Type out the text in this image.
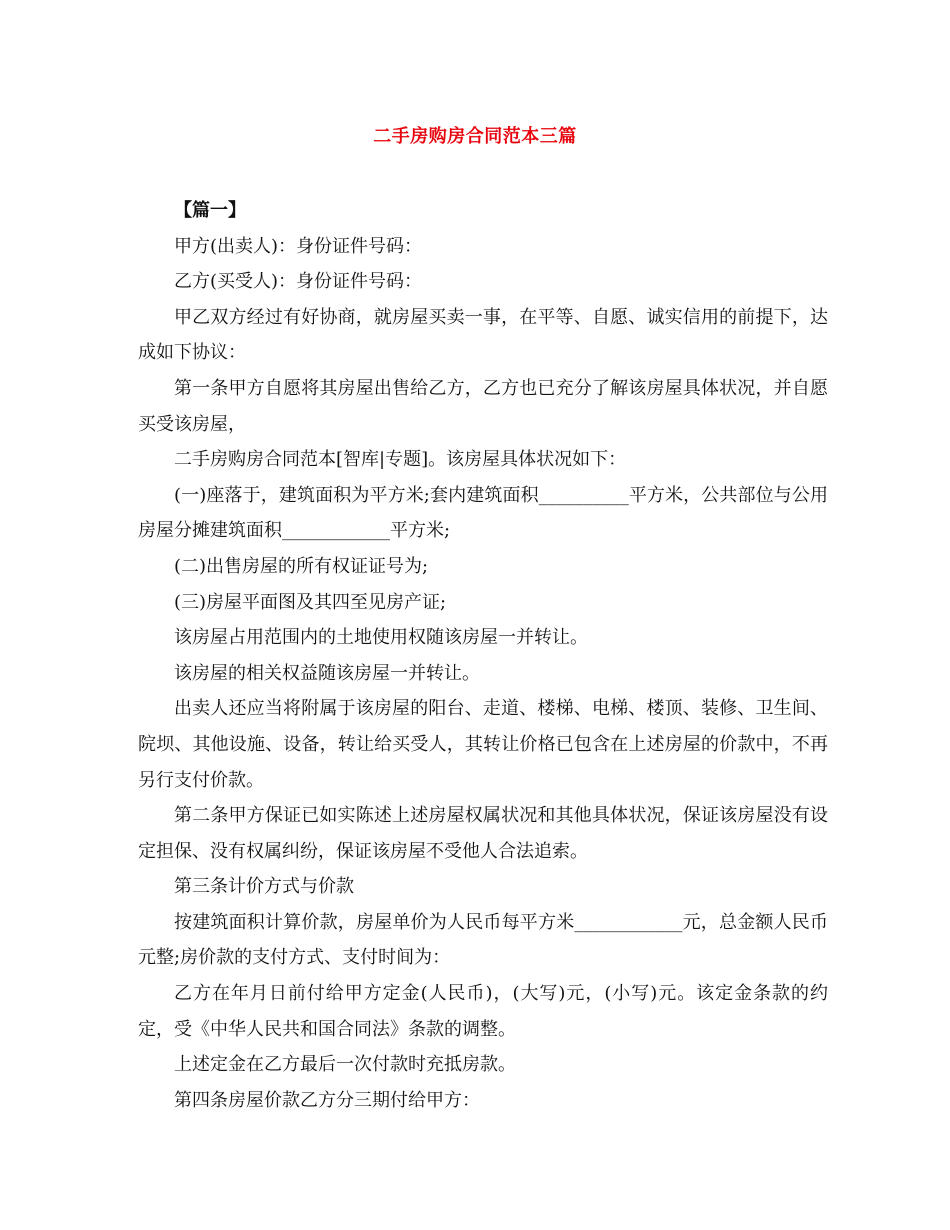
二手房购房合同范本三篇

【篇一】

甲方(出卖人)：身份证件号码：

乙方(买受人)：身份证件号码：

甲乙双方经过有好协商，就房屋买卖一事，在平等、自愿、诚实信用的前提下，达成如下协议：

第一条甲方自愿将其房屋出售给乙方，乙方也已充分了解该房屋具体状况，并自愿买受该房屋，

二手房购房合同范本[智库|专题]。该房屋具体状况如下：

(一)座落于，建筑面积为平方米;套内建筑面积__________平方米，公共部位与公用房屋分摊建筑面积____________平方米;

(二)出售房屋的所有权证证号为;

(三)房屋平面图及其四至见房产证;

该房屋占用范围内的土地使用权随该房屋一并转让。

该房屋的相关权益随该房屋一并转让。

出卖人还应当将附属于该房屋的阳台、走道、楼梯、电梯、楼顶、装修、卫生间、院坝、其他设施、设备，转让给买受人，其转让价格已包含在上述房屋的价款中，不再另行支付价款。

第二条甲方保证已如实陈述上述房屋权属状况和其他具体状况，保证该房屋没有设定担保、没有权属纠纷，保证该房屋不受他人合法追索。

第三条计价方式与价款

按建筑面积计算价款，房屋单价为人民币每平方米____________元，总金额人民币元整;房价款的支付方式、支付时间为：

乙方在年月日前付给甲方定金(人民币)，(大写)元，(小写)元。该定金条款的约定，受《中华人民共和国合同法》条款的调整。

上述定金在乙方最后一次付款时充抵房款。

第四条房屋价款乙方分三期付给甲方：
